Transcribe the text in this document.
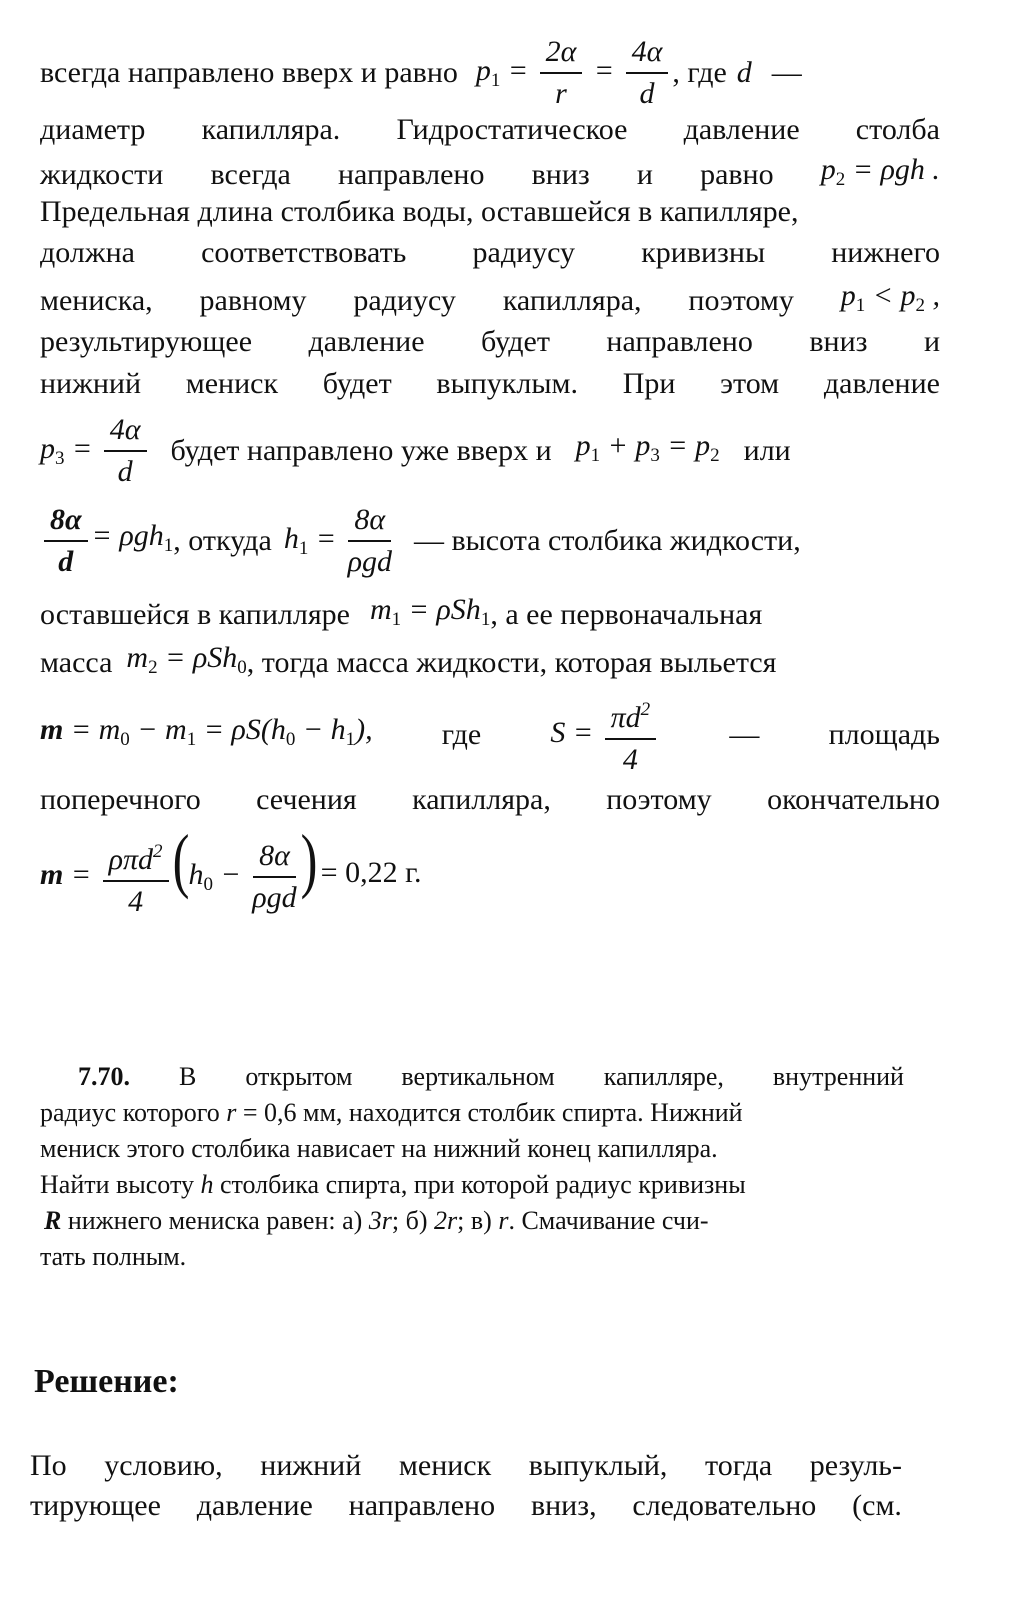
всегда направлено вверх и равно $p_1 = \frac{2\alpha}{r} = \frac{4\alpha}{d}$ , где d —
диаметр капилляра. Гидростатическое давление столба
жидкости всегда направлено вниз и равно $p_2 = \rho gh$ .
Предельная длина столбика воды, оставшейся в капилляре,
должна соответствовать радиусу кривизны нижнего
мениска, равному радиусу капилляра, поэтому $p_1 < p_2$ ,
результирующее давление будет направлено вниз и
нижний мениск будет выпуклым. При этом давление
$p_3 = \frac{4\alpha}{d}$ будет направлено уже вверх и $p_1 + p_3 = p_2$ или
$\frac{8\alpha}{d} = \rho gh_1$ , откуда $h_1 = \frac{8\alpha}{\text{ρgd}}$ — высота столбика жидкости,
оставшейся в капилляре $m_1 = \rho Sh_1$ , а ее первоначальная
масса $m_2 = \rho Sh_0$ , тогда масса жидкости, которая выльется
$m = m_0 - m_1 = \rho S(h_0 - h_1)$, где $S = \frac{\pi d^2}{4}$ — площадь
поперечного сечения капилляра, поэтому окончательно
$m = \frac{\rho\pi d^2}{4} (h_0 - \frac{8\alpha}{\text{ρgd}}$ ) = 0,22 г.
7.70. В открытом вертикальном капилляре, внутренний
радиус которого r = 0,6 мм, находится столбик спирта. Нижний
мениск этого столбика нависает на нижний конец капилляра.
Найти высоту h столбика спирта, при которой радиус кривизны
R нижнего мениска равен: а) 3r; б) 2r; в) r. Смачивание счи-
тать полным.
Решение:
По условию, нижний мениск выпуклый, тогда резуль-
тирующее давление направлено вниз, следовательно (см.
